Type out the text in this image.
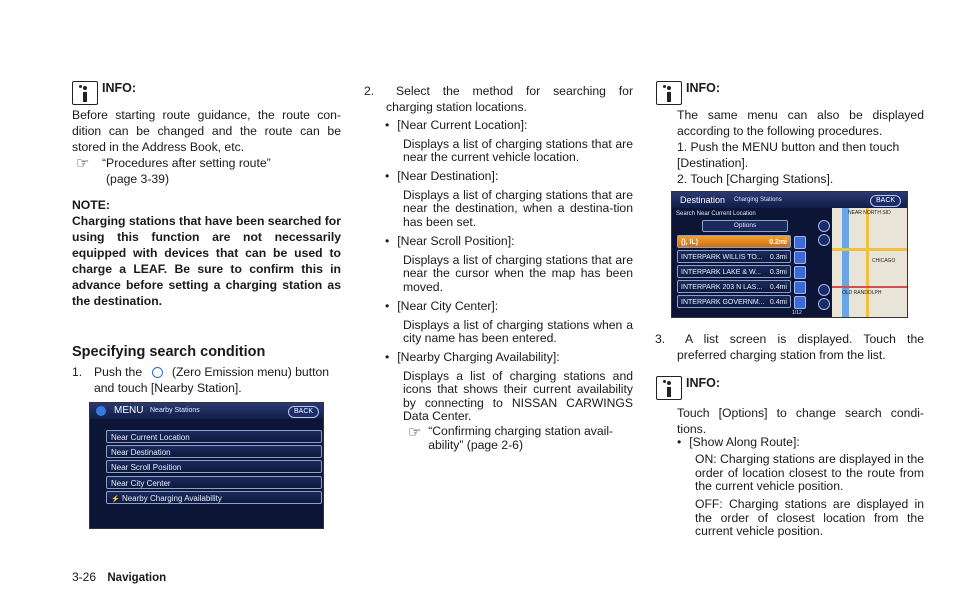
INFO:

Before starting route guidance, the route con-dition can be changed and the route can be stored in the Address Book, etc.

☞	“Procedures after setting route”

(page 3-39)

NOTE:

Charging stations that have been searched for using this function are not necessarily equipped with devices that can be used to charge a LEAF. Be sure to confirm this in advance before setting a charging station as the destination.

Specifying search condition
1. Push the (Zero Emission menu) button and touch [Nearby Station].
MENU Nearby Stations	BACK
Near Current Location
Near Destination
Near Scroll Position
Near City Center
⚡ Nearby Charging Availability
2.	Select the method for searching for charging station locations.

• [Near Current Location]:

Displays a list of charging stations that are near the current vehicle location.

• [Near Destination]:

Displays a list of charging stations that are near the destination, when a destina-tion has been set.

• [Near Scroll Position]:

Displays a list of charging stations that are near the cursor when the map has been moved.

• [Near City Center]:

Displays a list of charging stations when a city name has been entered.

• [Nearby Charging Availability]:

Displays a list of charging stations and icons that shows their current availability by connecting to NISSAN CARWINGS Data Center.

☞ “Confirming charging station avail-ability” (page 2-6)

INFO:

The same menu can also be displayed according to the following procedures.

1. Push the MENU button and then touch [Destination].

2. Touch [Charging Stations].

Destination Charging Stations	BACK
Search Near Current Location
Options
(), IL)	0.2mi
INTERPARK WILLIS TO... 0.3mi
INTERPARK LAKE & W... 0.3mi
INTERPARK 203 N LAS... 0.4mi
INTERPARK GOVERNM... 0.4mi
1/12
NEAR NORTH SID
CHICAGO
OLD RANDOLPH
3.	A list screen is displayed. Touch the preferred charging station from the list.

INFO:

Touch [Options] to change search condi-tions.

• [Show Along Route]:

ON: Charging stations are displayed in the order of location closest to the route from the current vehicle position.

OFF: Charging stations are displayed in the order of closest location from the current vehicle position.

3-26 Navigation
